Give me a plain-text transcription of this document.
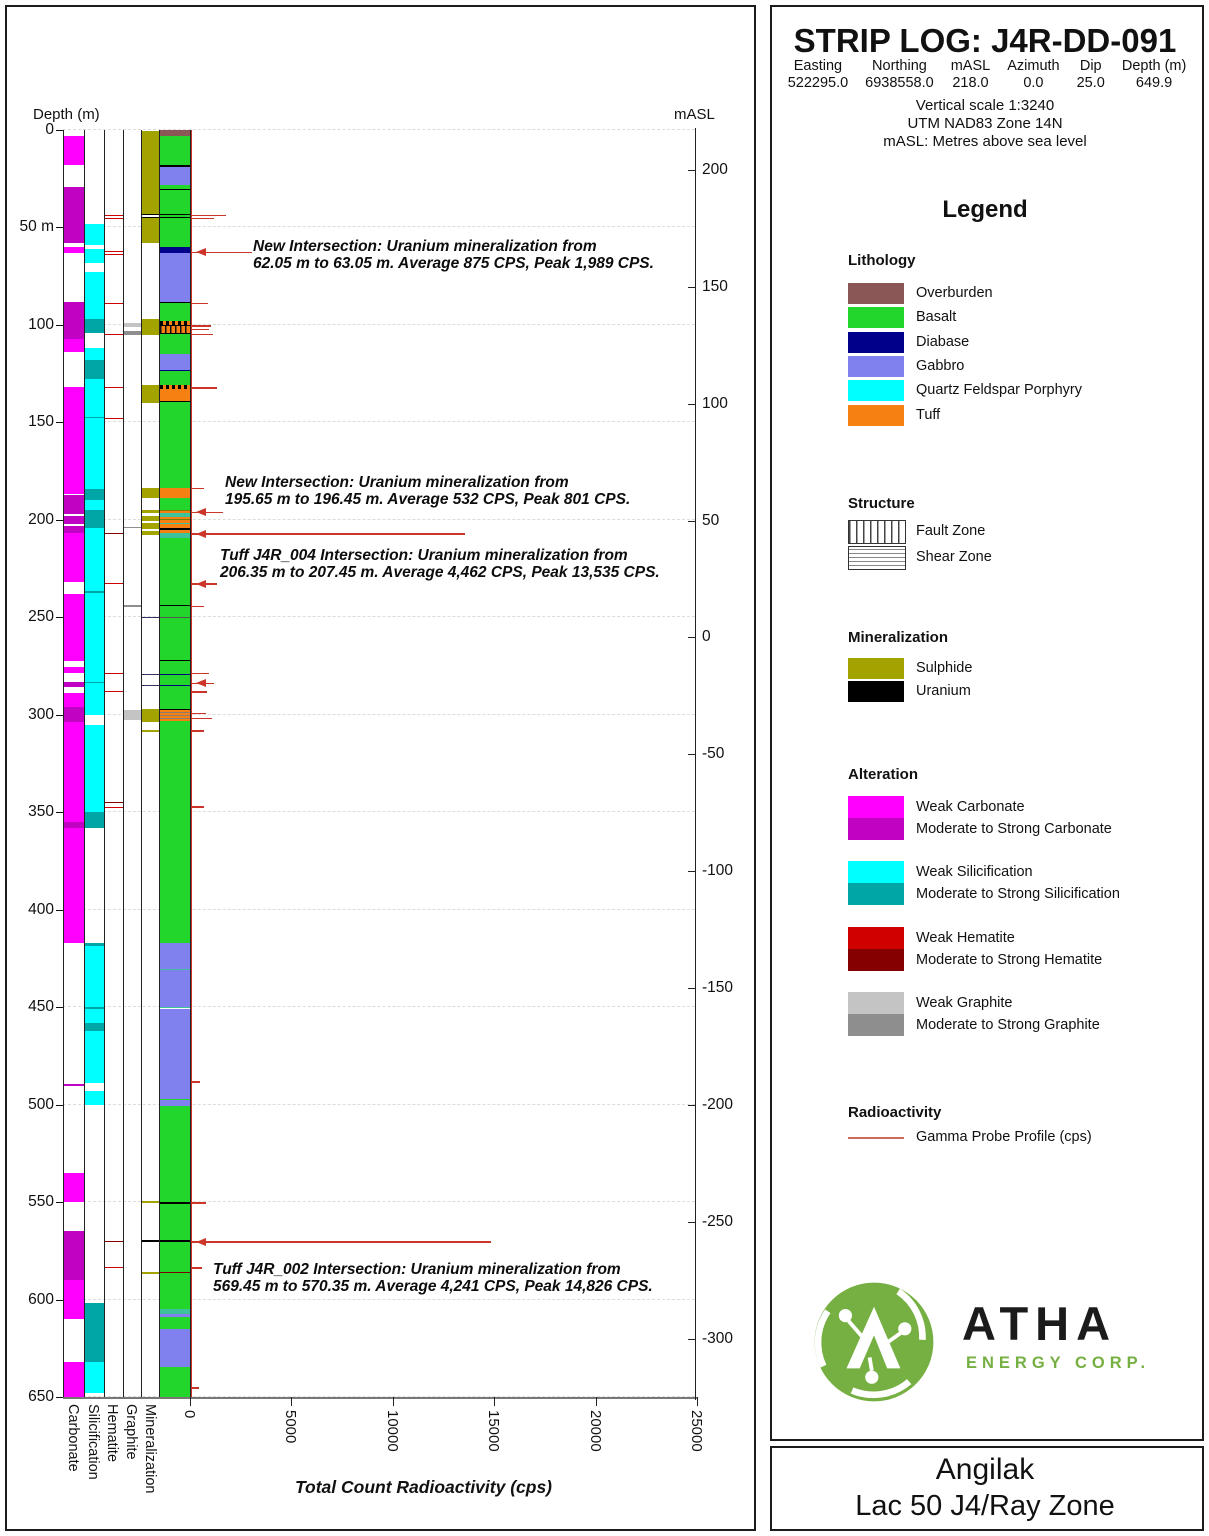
Depth (m)	mASL
Total Count Radioactivity (cps)
STRIP LOG: J4R-DD-091
Easting
522295.0
Northing
6938558.0
mASL
218.0
Azimuth
0.0
Dip
25.0
Depth (m)
649.9
Vertical scale 1:3240
UTM NAD83 Zone 14N
mASL: Metres above sea level
Legend
Lithology
Structure
Mineralization
Alteration
Radioactivity
ATHA
ENERGY CORP.
Angilak
Lac 50 J4/Ray Zone
0
50 m
100
150
200
250
300
350
400
450
500
550
600
650
200
150
100
50
0
-50
-100
-150
-200
-250
-300
0	5000	10000	15000	20000	25000
Carbonate Silicification Hematite Graphite Mineralization
New Intersection: Uranium mineralization from
62.05 m to 63.05 m. Average 875 CPS, Peak 1,989 CPS.
New Intersection: Uranium mineralization from
195.65 m to 196.45 m. Average 532 CPS, Peak 801 CPS.
Tuff J4R_004 Intersection: Uranium mineralization from
206.35 m to 207.45 m. Average 4,462 CPS, Peak 13,535 CPS.
Tuff J4R_002 Intersection: Uranium mineralization from
569.45 m to 570.35 m. Average 4,241 CPS, Peak 14,826 CPS.
Overburden
Basalt
Diabase
Gabbro
Quartz Feldspar Porphyry
Tuff
Fault Zone
Shear Zone
Sulphide
Uranium
Weak Carbonate
Moderate to Strong Carbonate
Weak Silicification
Moderate to Strong Silicification
Weak Hematite
Moderate to Strong Hematite
Weak Graphite
Moderate to Strong Graphite
Gamma Probe Profile (cps)
